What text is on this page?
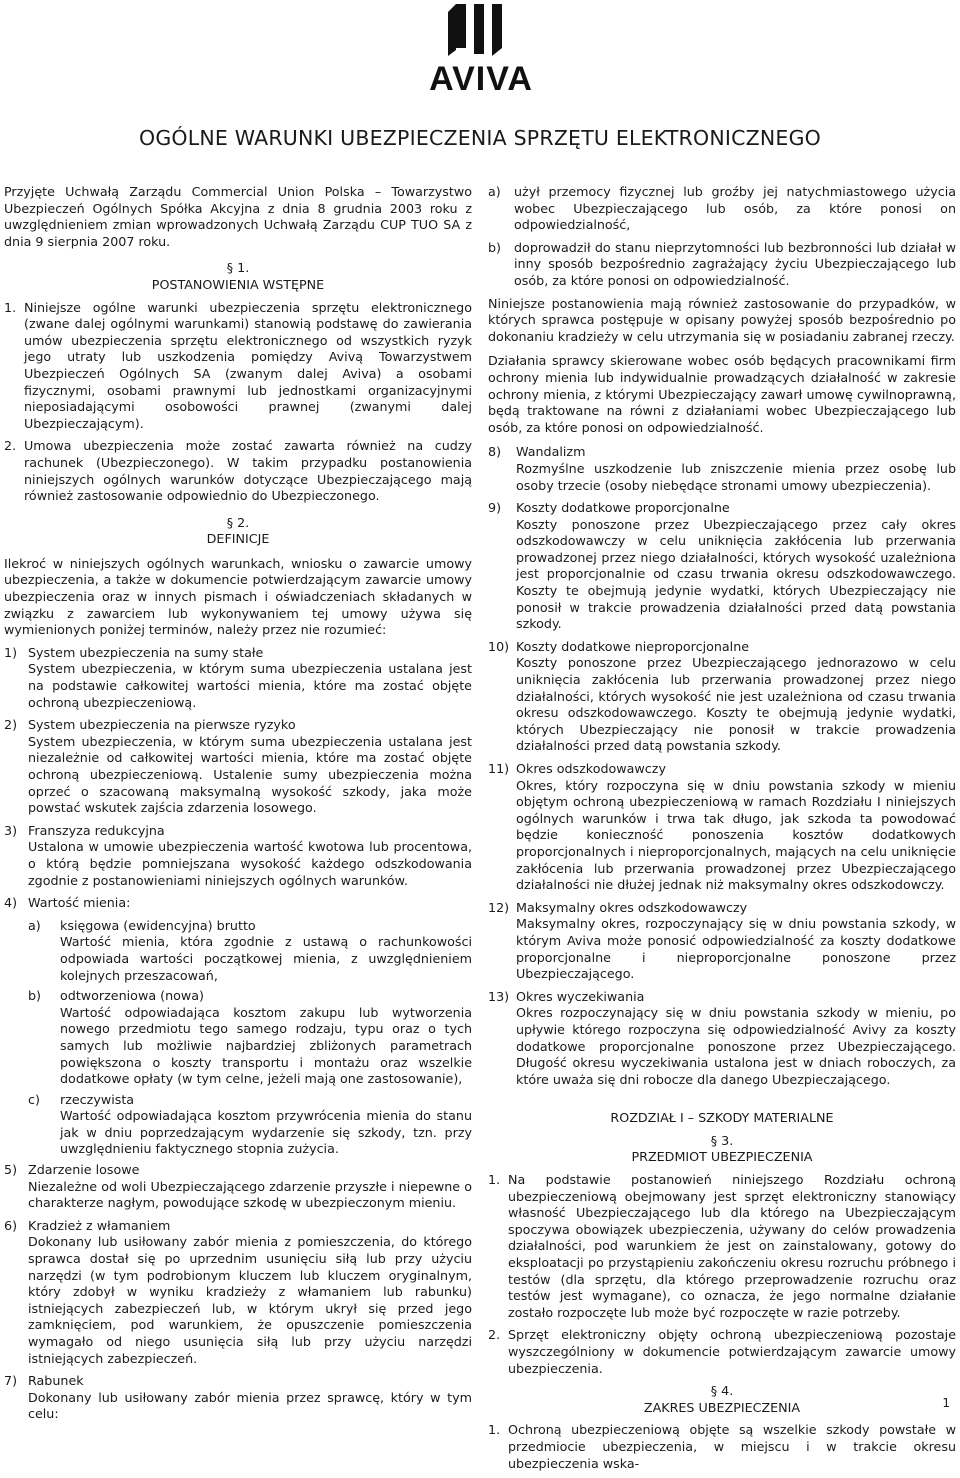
AVIVA
OGÓLNE WARUNKI UBEZPIECZENIA SPRZĘTU ELEKTRONICZNEGO

Przyjęte Uchwałą Zarządu Commercial Union Polska – Towarzystwo Ubezpieczeń Ogólnych Spółka Akcyjna z dnia 8 grudnia 2003 roku z uwzględnieniem zmian wprowadzonych Uchwałą Zarządu CUP TUO SA z dnia 9 sierpnia 2007 roku.

§ 1.
POSTANOWIENIA WSTĘPNE
1. Niniejsze ogólne warunki ubezpieczenia sprzętu elektronicznego (zwane dalej ogólnymi warunkami) stanowią podstawę do zawierania umów ubezpieczenia sprzętu elektronicznego od wszystkich ryzyk jego utraty lub uszkodzenia pomiędzy Avivą Towarzystwem Ubezpieczeń Ogólnych SA (zwanym dalej Aviva) a osobami fizycznymi, osobami prawnymi lub jednostkami organizacyjnymi nieposiadającymi osobowości prawnej (zwanymi dalej Ubezpieczającym).
2. Umowa ubezpieczenia może zostać zawarta również na cudzy rachunek (Ubezpieczonego). W takim przypadku postanowienia niniejszych ogólnych warunków dotyczące Ubezpieczającego mają również zastosowanie odpowiednio do Ubezpieczonego.
§ 2.
DEFINICJE

Ilekroć w niniejszych ogólnych warunkach, wniosku o zawarcie umowy ubezpieczenia, a także w dokumencie potwierdzającym zawarcie umowy ubezpieczenia oraz w innych pismach i oświadczeniach składanych w związku z zawarciem lub wykonywaniem tej umowy używa się wymienionych poniżej terminów, należy przez nie rozumieć:

1) System ubezpieczenia na sumy stałe
System ubezpieczenia, w którym suma ubezpieczenia ustalana jest na podstawie całkowitej wartości mienia, które ma zostać objęte ochroną ubezpieczeniową.
2) System ubezpieczenia na pierwsze ryzyko
System ubezpieczenia, w którym suma ubezpieczenia ustalana jest niezależnie od całkowitej wartości mienia, które ma zostać objęte ochroną ubezpieczeniową. Ustalenie sumy ubezpieczenia można oprzeć o szacowaną maksymalną wysokość szkody, jaka może powstać wskutek zajścia zdarzenia losowego.
3) Franszyza redukcyjna
Ustalona w umowie ubezpieczenia wartość kwotowa lub procentowa, o którą będzie pomniejszana wysokość każdego odszkodowania zgodnie z postanowieniami niniejszych ogólnych warunków.
4) Wartość mienia:
a)	księgowa (ewidencyjna) brutto
Wartość mienia, która zgodnie z ustawą o rachunkowości odpowiada wartości początkowej mienia, z uwzględnieniem kolejnych przeszacowań,
b)	odtworzeniowa (nowa)
Wartość odpowiadająca kosztom zakupu lub wytworzenia nowego przedmiotu tego samego rodzaju, typu oraz o tych samych lub możliwie najbardziej zbliżonych parametrach powiększona o koszty transportu i montażu oraz wszelkie dodatkowe opłaty (w tym celne, jeżeli mają one zastosowanie),
c)	rzeczywista
Wartość odpowiadająca kosztom przywrócenia mienia do stanu jak w dniu poprzedzającym wydarzenie się szkody, tzn. przy uwzględnieniu faktycznego stopnia zużycia.
5) Zdarzenie losowe
Niezależne od woli Ubezpieczającego zdarzenie przyszłe i niepewne o charakterze nagłym, powodujące szkodę w ubezpieczonym mieniu.
6) Kradzież z włamaniem
Dokonany lub usiłowany zabór mienia z pomieszczenia, do którego sprawca dostał się po uprzednim usunięciu siłą lub przy użyciu narzędzi (w tym podrobionym kluczem lub kluczem oryginalnym, który zdobył w wyniku kradzieży z włamaniem lub rabunku) istniejących zabezpieczeń lub, w którym ukrył się przed jego zamknięciem, pod warunkiem, że opuszczenie pomieszczenia wymagało od niego usunięcia siłą lub przy użyciu narzędzi istniejących zabezpieczeń.
7) Rabunek
Dokonany lub usiłowany zabór mienia przez sprawcę, który w tym celu:
a)	użył przemocy fizycznej lub groźby jej natychmiastowego użycia wobec Ubezpieczającego lub osób, za które ponosi on odpowiedzialność,
b)	doprowadził do stanu nieprzytomności lub bezbronności lub działał w inny sposób bezpośrednio zagrażający życiu Ubezpieczającego lub osób, za które ponosi on odpowiedzialność.

Niniejsze postanowienia mają również zastosowanie do przypadków, w których sprawca postępuje w opisany powyżej sposób bezpośrednio po dokonaniu kradzieży w celu utrzymania się w posiadaniu zabranej rzeczy.

Działania sprawcy skierowane wobec osób będących pracownikami firm ochrony mienia lub indywidualnie prowadzących działalność w zakresie ochrony mienia, z którymi Ubezpieczający zawarł umowę cywilnoprawną, będą traktowane na równi z działaniami wobec Ubezpieczającego lub osób, za które ponosi on odpowiedzialność.

8)	Wandalizm
Rozmyślne uszkodzenie lub zniszczenie mienia przez osobę lub osoby trzecie (osoby niebędące stronami umowy ubezpieczenia).
9)	Koszty dodatkowe proporcjonalne
Koszty ponoszone przez Ubezpieczającego przez cały okres odszkodowawczy w celu uniknięcia zakłócenia lub przerwania prowadzonej przez niego działalności, których wysokość uzależniona jest proporcjonalnie od czasu trwania okresu odszkodowawczego. Koszty te obejmują jedynie wydatki, których Ubezpieczający nie ponosił w trakcie prowadzenia działalności przed datą powstania szkody.
10) Koszty dodatkowe nieproporcjonalne
Koszty ponoszone przez Ubezpieczającego jednorazowo w celu uniknięcia zakłócenia lub przerwania prowadzonej przez niego działalności, których wysokość nie jest uzależniona od czasu trwania okresu odszkodowawczego. Koszty te obejmują jedynie wydatki, których Ubezpieczający nie ponosił w trakcie prowadzenia działalności przed datą powstania szkody.
11) Okres odszkodowawczy
Okres, który rozpoczyna się w dniu powstania szkody w mieniu objętym ochroną ubezpieczeniową w ramach Rozdziału I niniejszych ogólnych warunków i trwa tak długo, jak szkoda ta powodować będzie konieczność ponoszenia kosztów dodatkowych proporcjonalnych i nieproporcjonalnych, mających na celu uniknięcie zakłócenia lub przerwania prowadzonej przez Ubezpieczającego działalności nie dłużej jednak niż maksymalny okres odszkodowczy.
12) Maksymalny okres odszkodowawczy
Maksymalny okres, rozpoczynający się w dniu powstania szkody, w którym Aviva może ponosić odpowiedzialność za koszty dodatkowe proporcjonalne i nieproporcjonalne ponoszone przez Ubezpieczającego.
13) Okres wyczekiwania
Okres rozpoczynający się w dniu powstania szkody w mieniu, po upływie którego rozpoczyna się odpowiedzialność Avivy za koszty dodatkowe proporcjonalne ponoszone przez Ubezpieczającego. Długość okresu wyczekiwania ustalona jest w dniach roboczych, za które uważa się dni robocze dla danego Ubezpieczającego.
ROZDZIAŁ I – SZKODY MATERIALNE
§ 3.
PRZEDMIOT UBEZPIECZENIA
1. Na podstawie postanowień niniejszego Rozdziału ochroną ubezpieczeniową obejmowany jest sprzęt elektroniczny stanowiący własność Ubezpieczającego lub dla którego na Ubezpieczającym spoczywa obowiązek ubezpieczenia, używany do celów prowadzenia działalności, pod warunkiem że jest on zainstalowany, gotowy do eksploatacji po przystąpieniu zakończeniu okresu rozruchu próbnego i testów (dla sprzętu, dla którego przeprowadzenie rozruchu oraz testów jest wymagane), co oznacza, że jego normalne działanie zostało rozpoczęte lub może być rozpoczęte w razie potrzeby.
2. Sprzęt elektroniczny objęty ochroną ubezpieczeniową pozostaje wyszczególniony w dokumencie potwierdzającym zawarcie umowy ubezpieczenia.
§ 4.
ZAKRES UBEZPIECZENIA
1. Ochroną ubezpieczeniową objęte są wszelkie szkody powstałe w przedmiocie ubezpieczenia, w miejscu i w trakcie okresu ubezpieczenia wska-
1
